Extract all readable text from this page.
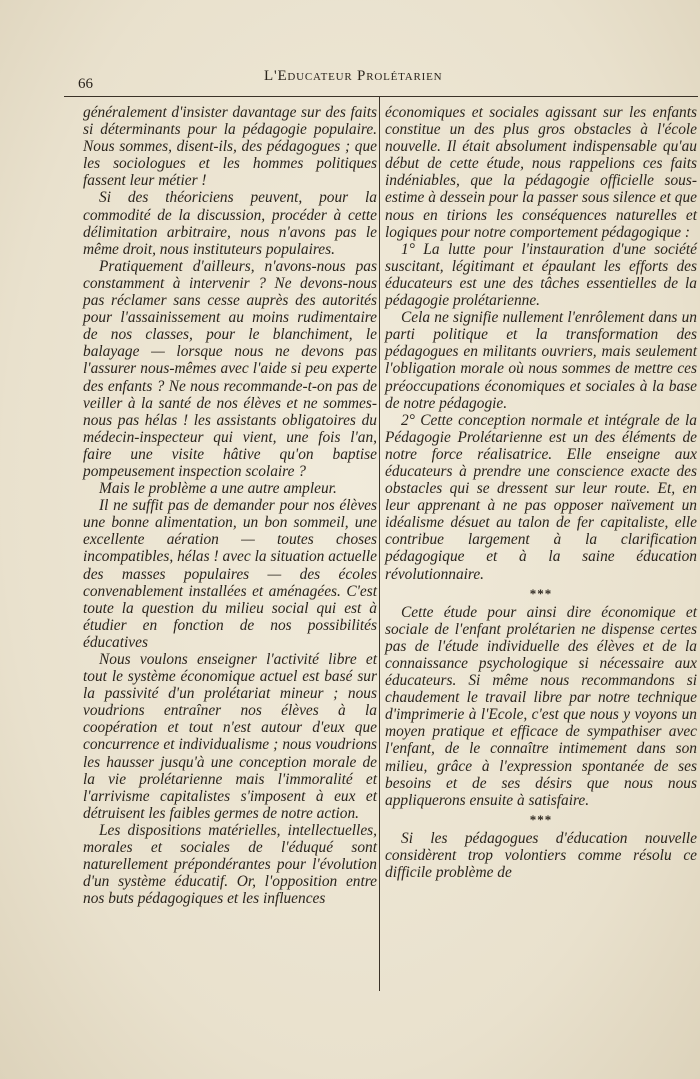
66	L'Educateur Prolétarien

généralement d'insister davantage sur des faits si déterminants pour la pédagogie populaire. Nous sommes, disent-ils, des pédagogues ; que les sociologues et les hommes politiques fassent leur métier !

Si des théoriciens peuvent, pour la commodité de la discussion, procéder à cette délimitation arbitraire, nous n'avons pas le même droit, nous instituteurs populaires.

Pratiquement d'ailleurs, n'avons-nous pas constamment à intervenir ? Ne devons-nous pas réclamer sans cesse auprès des autorités pour l'assainissement au moins rudimentaire de nos classes, pour le blanchiment, le balayage — lorsque nous ne devons pas l'assurer nous-mêmes avec l'aide si peu experte des enfants ? Ne nous recommande-t-on pas de veiller à la santé de nos élèves et ne sommes-nous pas hélas ! les assistants obligatoires du médecin-inspecteur qui vient, une fois l'an, faire une visite hâtive qu'on baptise pompeusement inspection scolaire ?

Mais le problème a une autre ampleur.

Il ne suffit pas de demander pour nos élèves une bonne alimentation, un bon sommeil, une excellente aération — toutes choses incompatibles, hélas ! avec la situation actuelle des masses populaires — des écoles convenablement installées et aménagées. C'est toute la question du milieu social qui est à étudier en fonction de nos possibilités éducatives

Nous voulons enseigner l'activité libre et tout le système économique actuel est basé sur la passivité d'un prolétariat mineur ; nous voudrions entraîner nos élèves à la coopération et tout n'est autour d'eux que concurrence et individualisme ; nous voudrions les hausser jusqu'à une conception morale de la vie prolétarienne mais l'immoralité et l'arrivisme capitalistes s'imposent à eux et détruisent les faibles germes de notre action.

Les dispositions matérielles, intellectuelles, morales et sociales de l'éduqué sont naturellement prépondérantes pour l'évolution d'un système éducatif. Or, l'opposition entre nos buts pédagogiques et les influences

économiques et sociales agissant sur les enfants constitue un des plus gros obstacles à l'école nouvelle. Il était absolument indispensable qu'au début de cette étude, nous rappelions ces faits indéniables, que la pédagogie officielle sous-estime à dessein pour la passer sous silence et que nous en tirions les conséquences naturelles et logiques pour notre comportement pédagogique :

1° La lutte pour l'instauration d'une société suscitant, légitimant et épaulant les efforts des éducateurs est une des tâches essentielles de la pédagogie prolétarienne.

Cela ne signifie nullement l'enrôlement dans un parti politique et la transformation des pédagogues en militants ouvriers, mais seulement l'obligation morale où nous sommes de mettre ces préoccupations économiques et sociales à la base de notre pédagogie.

2° Cette conception normale et intégrale de la Pédagogie Prolétarienne est un des éléments de notre force réalisatrice. Elle enseigne aux éducateurs à prendre une conscience exacte des obstacles qui se dressent sur leur route. Et, en leur apprenant à ne pas opposer naïvement un idéalisme désuet au talon de fer capitaliste, elle contribue largement à la clarification pédagogique et à la saine éducation révolutionnaire.

***

Cette étude pour ainsi dire économique et sociale de l'enfant prolétarien ne dispense certes pas de l'étude individuelle des élèves et de la connaissance psychologique si nécessaire aux éducateurs. Si même nous recommandons si chaudement le travail libre par notre technique d'imprimerie à l'Ecole, c'est que nous y voyons un moyen pratique et efficace de sympathiser avec l'enfant, de le connaître intimement dans son milieu, grâce à l'expression spontanée de ses besoins et de ses désirs que nous nous appliquerons ensuite à satisfaire.

***

Si les pédagogues d'éducation nouvelle considèrent trop volontiers comme résolu ce difficile problème de
